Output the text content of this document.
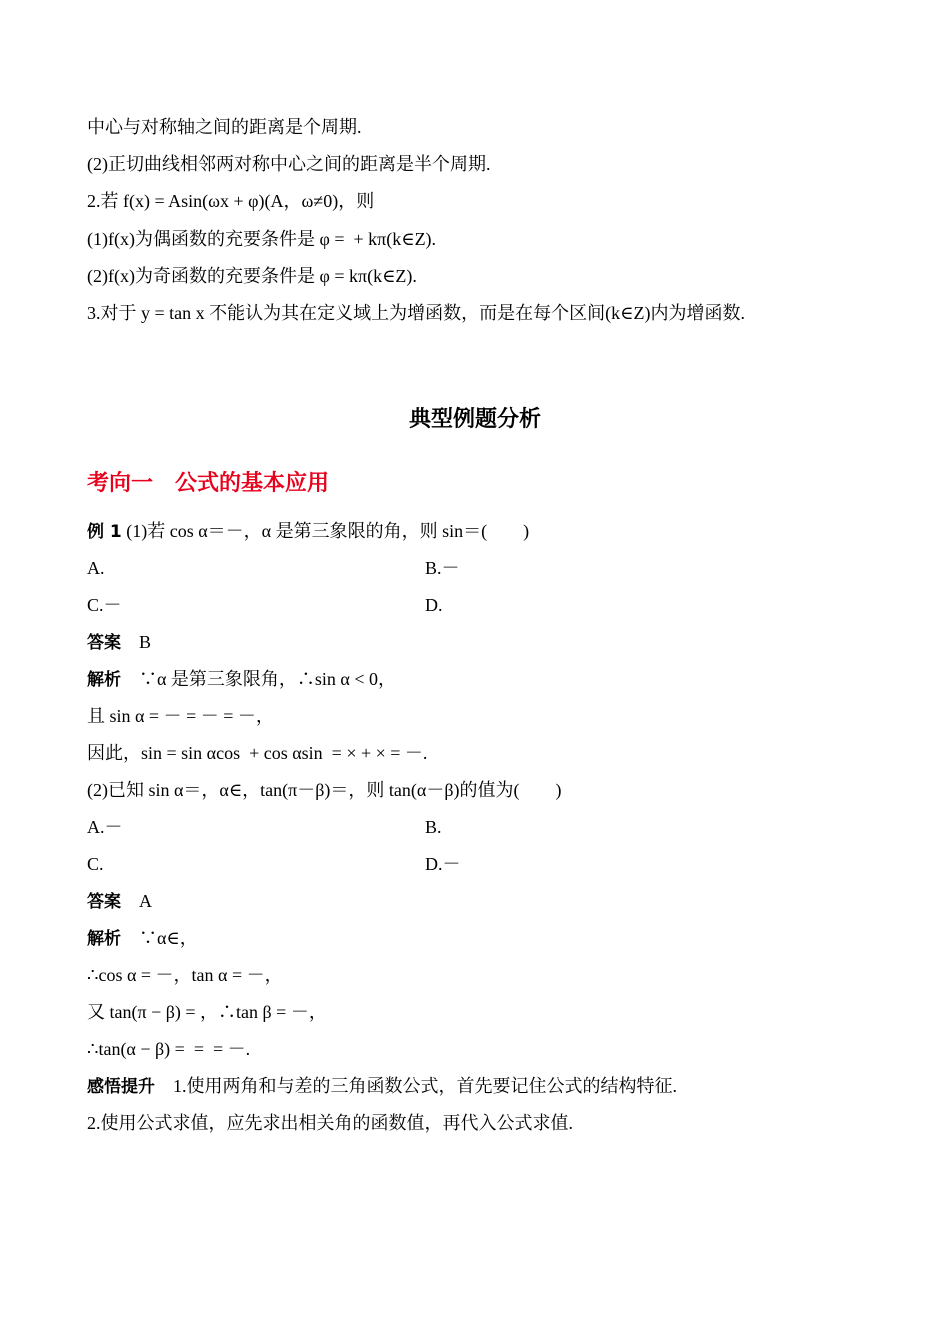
中心与对称轴之间的距离是个周期.
(2)正切曲线相邻两对称中心之间的距离是半个周期.
2.若 f(x) = Asin(ωx + φ)(A，ω≠0)，则
(1)f(x)为偶函数的充要条件是 φ =  + kπ(k∈Z).
(2)f(x)为奇函数的充要条件是 φ = kπ(k∈Z).
3.对于 y = tan x 不能认为其在定义域上为增函数，而是在每个区间(k∈Z)内为增函数.
典型例题分析
考向一　公式的基本应用
例 1 (1)若 cos α＝－，α 是第三象限的角，则 sin＝(　　)
A.	B.－
C.－	D.
答案　 B
解析　 ∵α 是第三象限角，∴sin α < 0，
且 sin α = － = － = －，
因此，sin = sin αcos  + cos αsin  = × + × = －.
(2)已知 sin α＝，α∈，tan(π－β)＝，则 tan(α－β)的值为(　　)
A.－	B.
C.	D.－
答案　 A
解析　 ∵α∈，
∴cos α = －，tan α = －，
又 tan(π − β) = ，∴tan β = －，
∴tan(α − β) =  =  = －.
感悟提升　 1.使用两角和与差的三角函数公式，首先要记住公式的结构特征.
2.使用公式求值，应先求出相关角的函数值，再代入公式求值.
